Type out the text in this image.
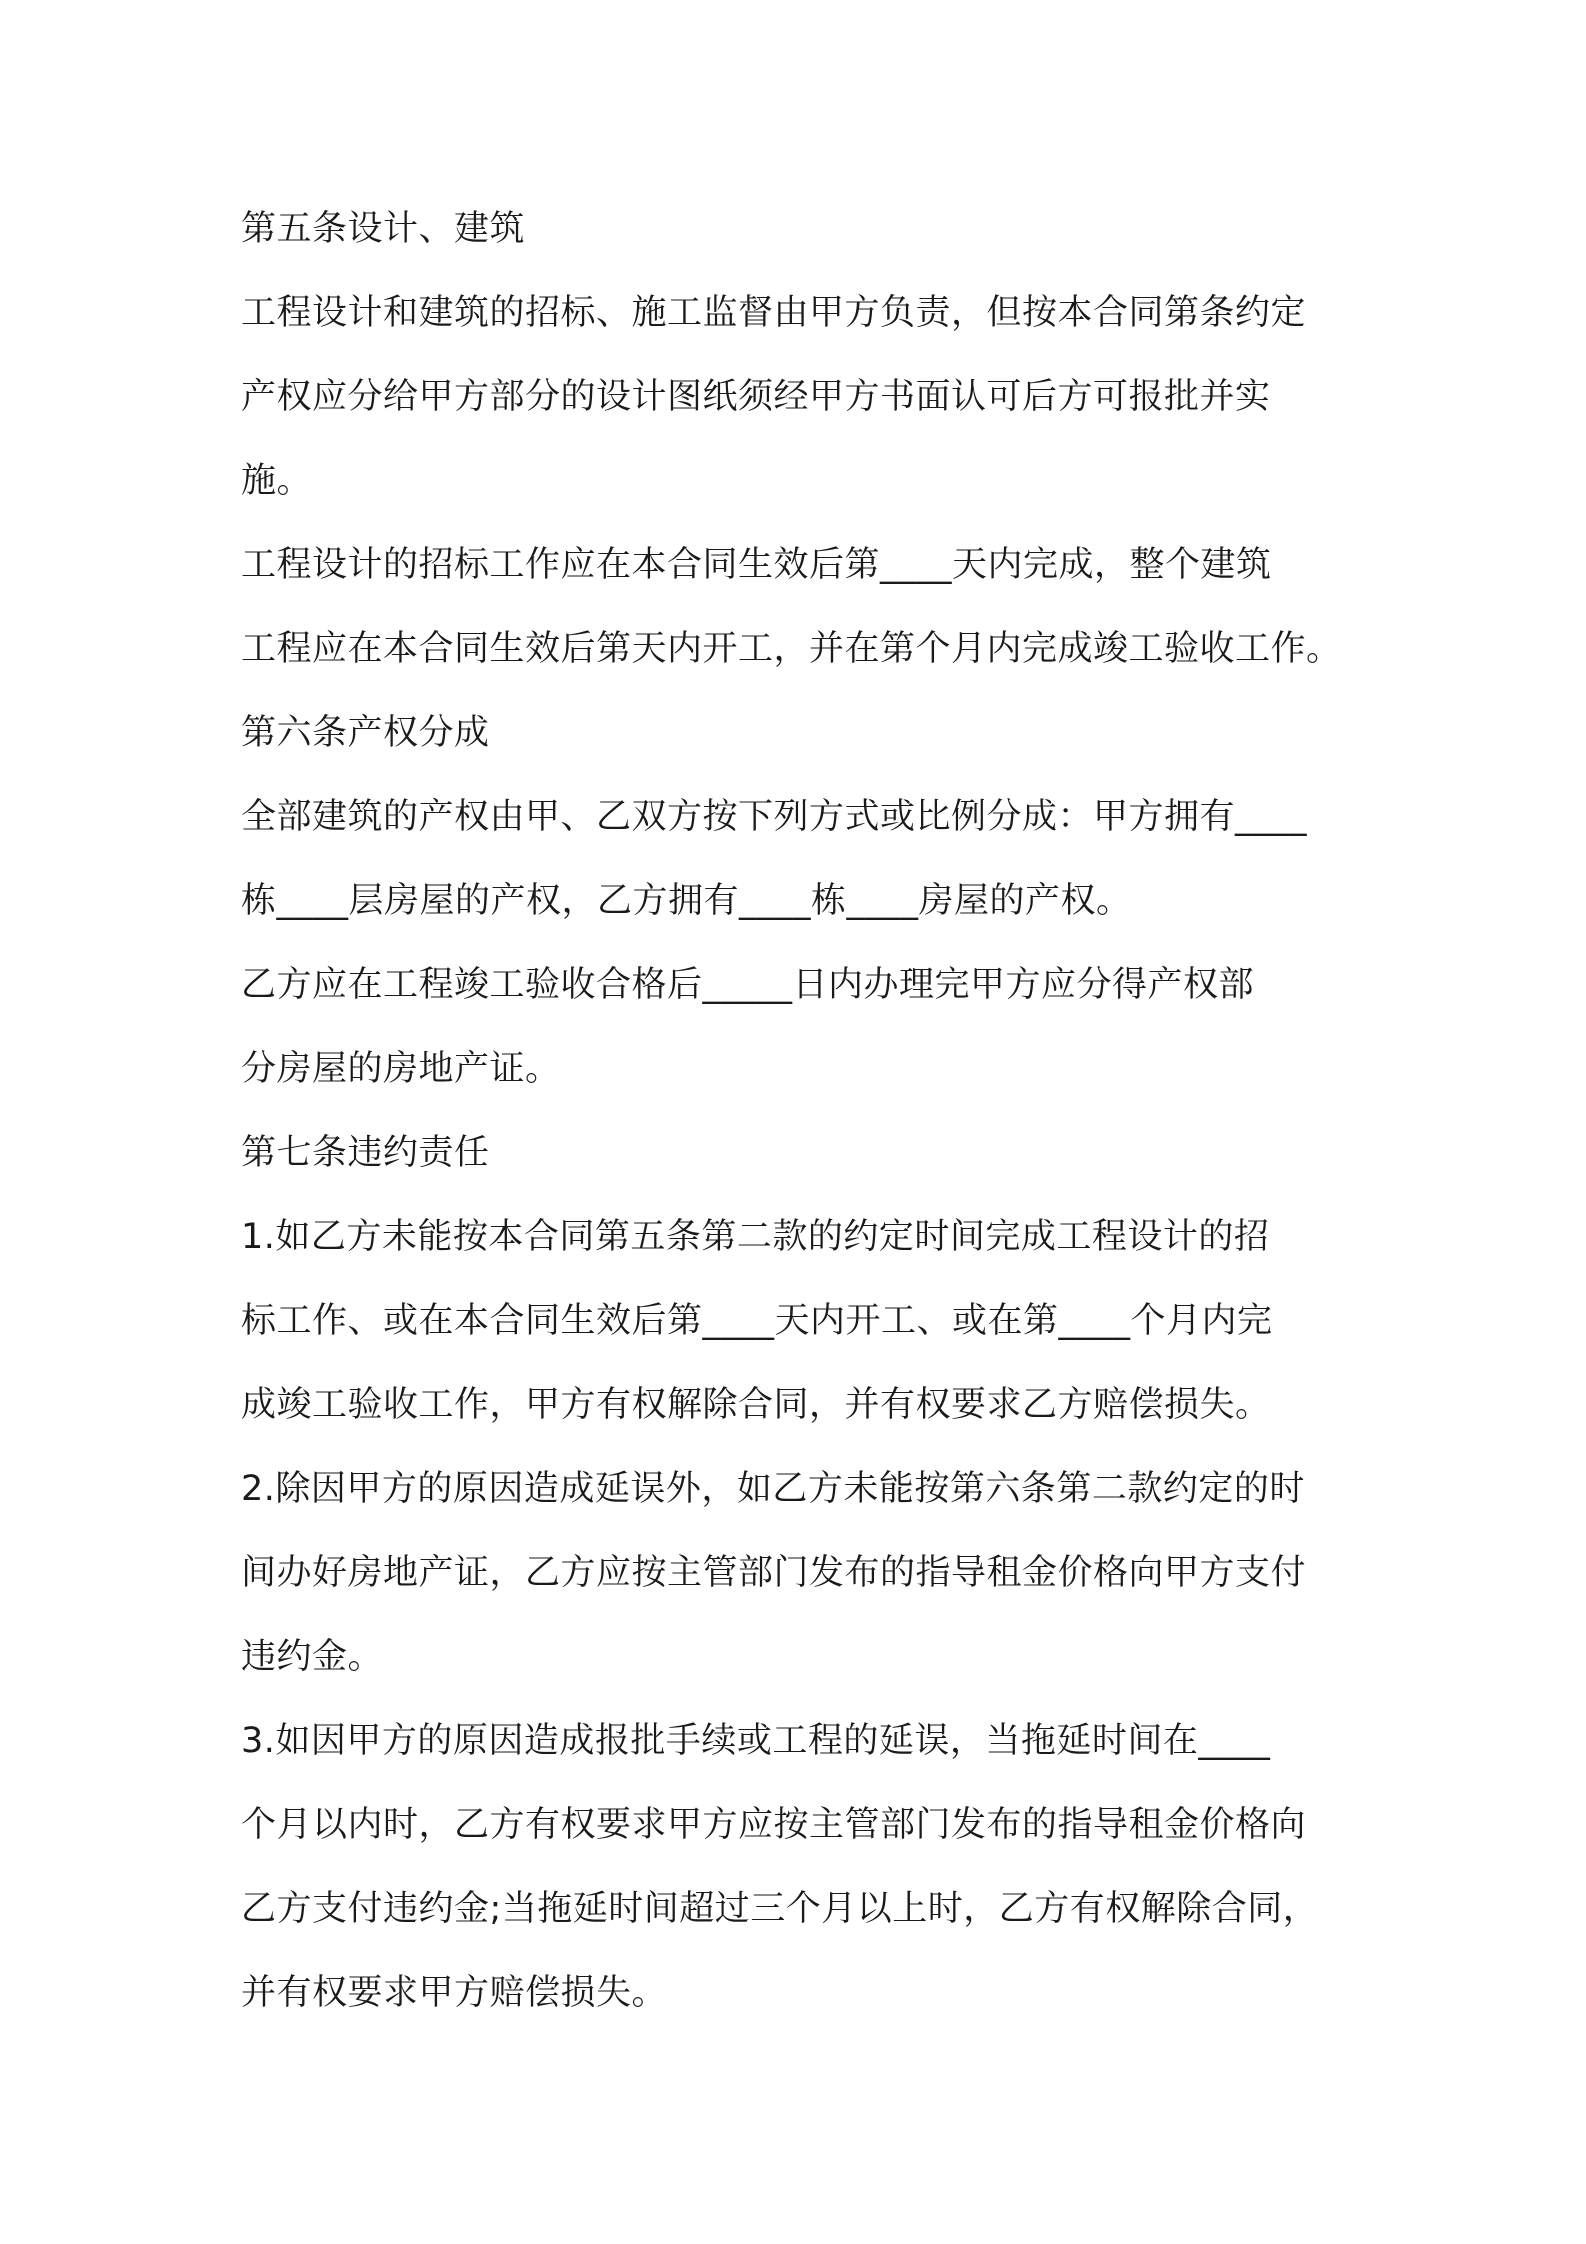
第五条设计、建筑

工程设计和建筑的招标、施工监督由甲方负责，但按本合同第条约定

产权应分给甲方部分的设计图纸须经甲方书面认可后方可报批并实

施。

工程设计的招标工作应在本合同生效后第____天内完成，整个建筑

工程应在本合同生效后第天内开工，并在第个月内完成竣工验收工作。

第六条产权分成

全部建筑的产权由甲、乙双方按下列方式或比例分成：甲方拥有____

栋____层房屋的产权，乙方拥有____栋____房屋的产权。

乙方应在工程竣工验收合格后_____日内办理完甲方应分得产权部

分房屋的房地产证。

第七条违约责任

1.如乙方未能按本合同第五条第二款的约定时间完成工程设计的招

标工作、或在本合同生效后第____天内开工、或在第____个月内完

成竣工验收工作，甲方有权解除合同，并有权要求乙方赔偿损失。

2.除因甲方的原因造成延误外，如乙方未能按第六条第二款约定的时

间办好房地产证，乙方应按主管部门发布的指导租金价格向甲方支付

违约金。

3.如因甲方的原因造成报批手续或工程的延误，当拖延时间在____

个月以内时，乙方有权要求甲方应按主管部门发布的指导租金价格向

乙方支付违约金;当拖延时间超过三个月以上时，乙方有权解除合同，

并有权要求甲方赔偿损失。
